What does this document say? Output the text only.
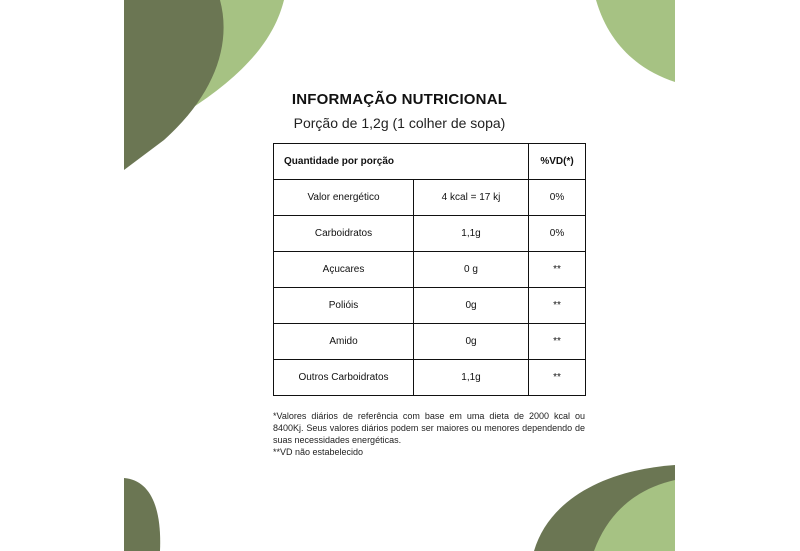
INFORMAÇÃO NUTRICIONAL
Porção de 1,2g (1 colher de sopa)
Quantidade por porção		%VD(*)
Valor energético	4 kcal = 17 kj	0%
Carboidratos	1,1g	0%
Açucares	0 g	**
Polióis	0g	**
Amido	0g	**
Outros Carboidratos	1,1g	**

*Valores diários de referência com base em uma dieta de 2000 kcal ou 8400Kj. Seus valores diários podem ser maiores ou menores dependendo de suas necessidades energéticas.

**VD não estabelecido
